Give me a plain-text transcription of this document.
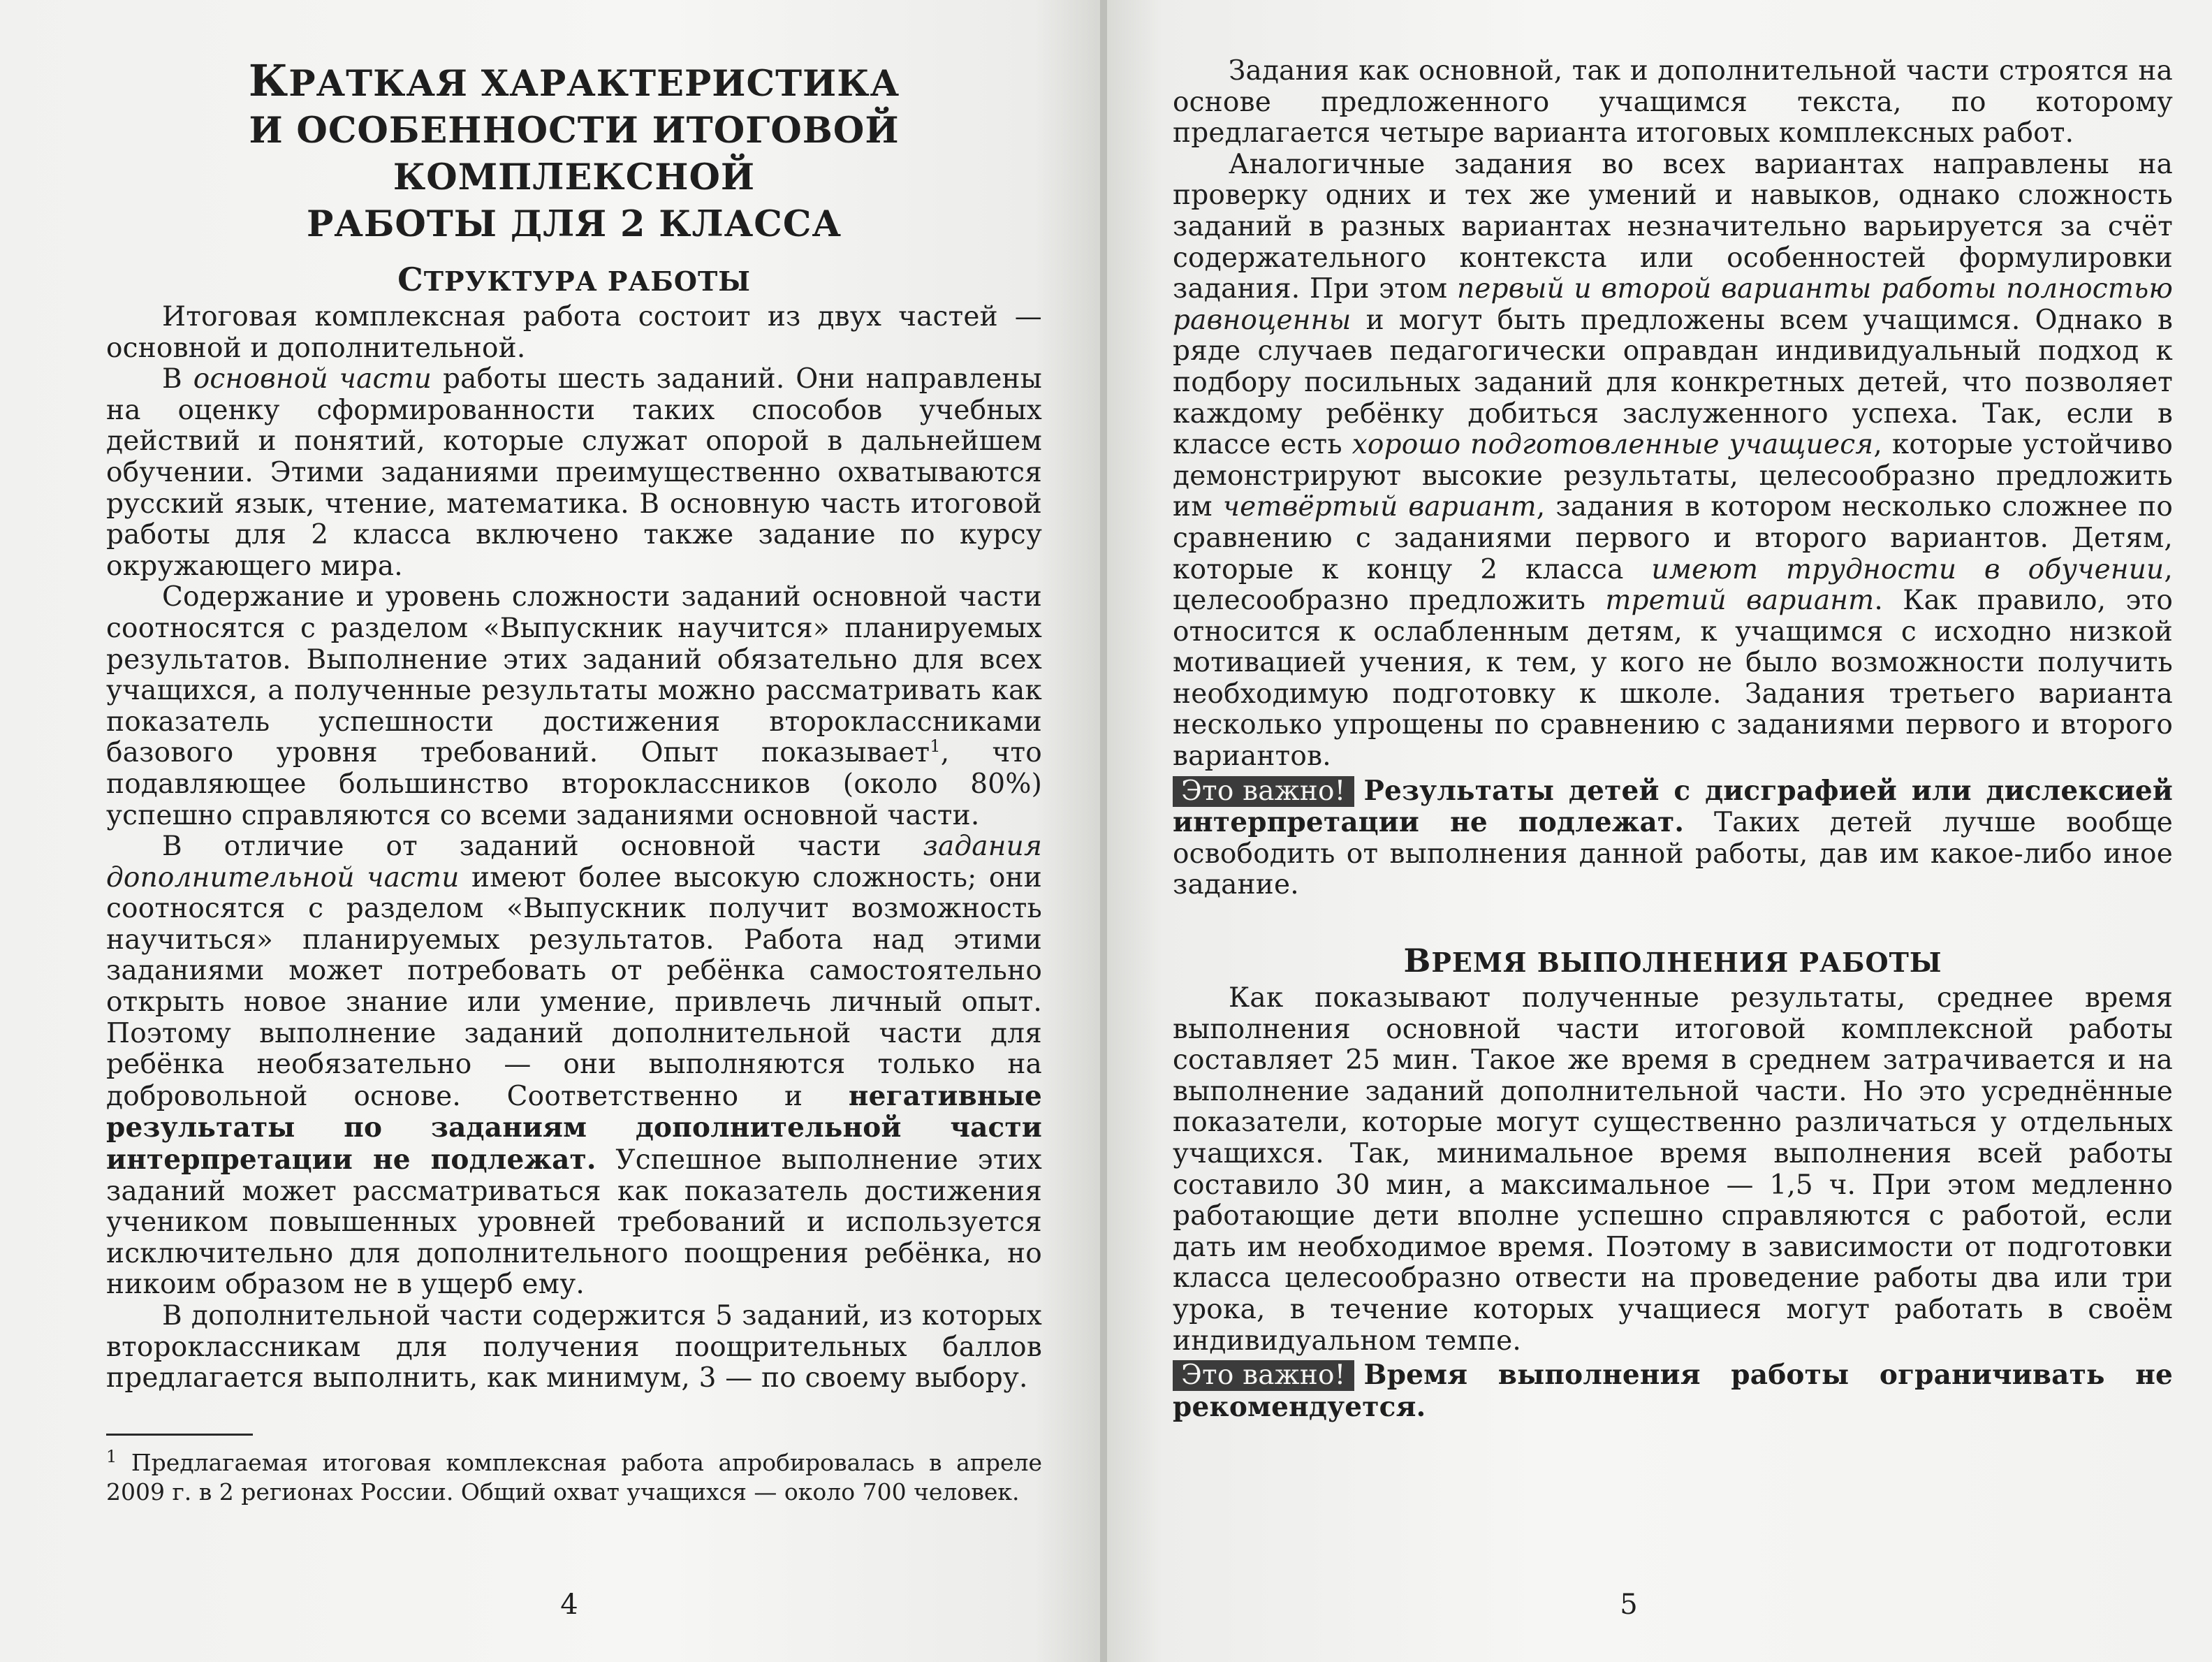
КРАТКАЯ ХАРАКТЕРИСТИКА
И ОСОБЕННОСТИ ИТОГОВОЙ КОМПЛЕКСНОЙ
РАБОТЫ ДЛЯ 2 КЛАССА
СТРУКТУРА РАБОТЫ

Итоговая комплексная работа состоит из двух частей — основной и дополнительной.

В основной части работы шесть заданий. Они направлены на оценку сформированности таких способов учебных действий и понятий, которые служат опорой в дальнейшем обучении. Этими заданиями преимущественно охватываются русский язык, чтение, математика. В основную часть итоговой работы для 2 класса включено также задание по курсу окружающего мира.

Содержание и уровень сложности заданий основной части соотносятся с разделом «Выпускник научится» планируемых результатов. Выполнение этих заданий обязательно для всех учащихся, а полученные результаты можно рассматривать как показатель успешности достижения второклассниками базового уровня требований. Опыт показывает$^1$, что подавляющее большинство второклассников (около 80%) успешно справляются со всеми заданиями основной части.

В отличие от заданий основной части задания дополнительной части имеют более высокую сложность; они соотносятся с разделом «Выпускник получит возможность научиться» планируемых результатов. Работа над этими заданиями может потребовать от ребёнка самостоятельно открыть новое знание или умение, привлечь личный опыт. Поэтому выполнение заданий дополнительной части для ребёнка необязательно — они выполняются только на добровольной основе. Соответственно и негативные результаты по заданиям дополнительной части интерпретации не подлежат. Успешное выполнение этих заданий может рассматриваться как показатель достижения учеником повышенных уровней требований и используется исключительно для дополнительного поощрения ребёнка, но никоим образом не в ущерб ему.

В дополнительной части содержится 5 заданий, из которых второклассникам для получения поощрительных баллов предлагается выполнить, как минимум, 3 — по своему выбору.

$^1$ Предлагаемая итоговая комплексная работа апробировалась в апреле 2009 г. в 2 регионах России. Общий охват учащихся — около 700 человек.

4

Задания как основной, так и дополнительной части строятся на основе предложенного учащимся текста, по которому предлагается четыре варианта итоговых комплексных работ.

Аналогичные задания во всех вариантах направлены на проверку одних и тех же умений и навыков, однако сложность заданий в разных вариантах незначительно варьируется за счёт содержательного контекста или особенностей формулировки задания. При этом первый и второй варианты работы полностью равноценны и могут быть предложены всем учащимся. Однако в ряде случаев педагогически оправдан индивидуальный подход к подбору посильных заданий для конкретных детей, что позволяет каждому ребёнку добиться заслуженного успеха. Так, если в классе есть хорошо подготовленные учащиеся, которые устойчиво демонстрируют высокие результаты, целесообразно предложить им четвёртый вариант, задания в котором несколько сложнее по сравнению с заданиями первого и второго вариантов. Детям, которые к концу 2 класса имеют трудности в обучении, целесообразно предложить третий вариант. Как правило, это относится к ослабленным детям, к учащимся с исходно низкой мотивацией учения, к тем, у кого не было возможности получить необходимую подготовку к школе. Задания третьего варианта несколько упрощены по сравнению с заданиями первого и второго вариантов.

Это важно! Результаты детей с дисграфией или дислексией интерпретации не подлежат. Таких детей лучше вообще освободить от выполнения данной работы, дав им какое-либо иное задание.

ВРЕМЯ ВЫПОЛНЕНИЯ РАБОТЫ

Как показывают полученные результаты, среднее время выполнения основной части итоговой комплексной работы составляет 25 мин. Такое же время в среднем затрачивается и на выполнение заданий дополнительной части. Но это усреднённые показатели, которые могут существенно различаться у отдельных учащихся. Так, минимальное время выполнения всей работы составило 30 мин, а максимальное — 1,5 ч. При этом медленно работающие дети вполне успешно справляются с работой, если дать им необходимое время. Поэтому в зависимости от подготовки класса целесообразно отвести на проведение работы два или три урока, в течение которых учащиеся могут работать в своём индивидуальном темпе.

Это важно! Время выполнения работы ограничивать не рекомендуется.

5
